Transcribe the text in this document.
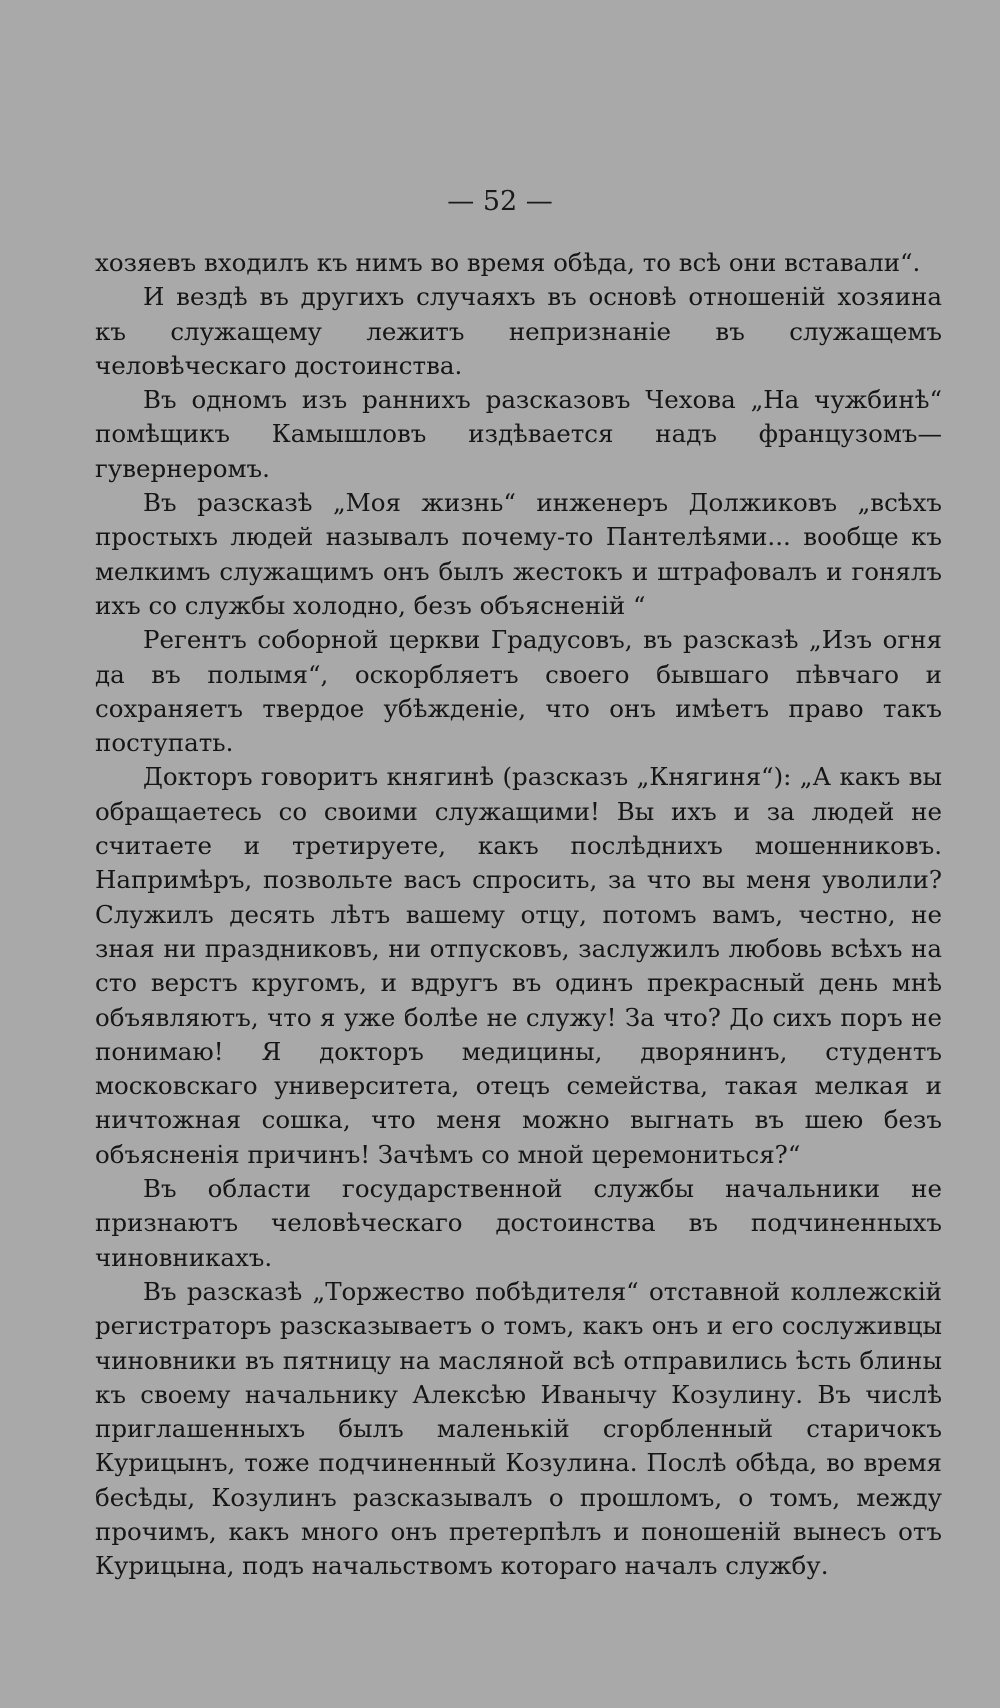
— 52 —

хозяевъ входилъ къ нимъ во время обѣда, то всѣ они вставали“.

И вездѣ въ другихъ случаяхъ въ основѣ отношенiй хозяина къ служащему лежитъ непризнанiе въ служащемъ человѣческаго достоинства.

Въ одномъ изъ раннихъ разсказовъ Чехова „На чужбинѣ“ помѣщикъ Камышловъ издѣвается надъ французомъ—гувернеромъ.

Въ разсказѣ „Моя жизнь“ инженеръ Должиковъ „всѣхъ простыхъ людей называлъ почему-то Пантелѣями... вообще къ мелкимъ служащимъ онъ былъ жестокъ и штрафовалъ и гонялъ ихъ со службы холодно, безъ объясненiй “

Регентъ соборной церкви Градусовъ, въ разсказѣ „Изъ огня да въ полымя“, оскорбляетъ своего бывшаго пѣвчаго и сохраняетъ твердое убѣжденiе, что онъ имѣетъ право такъ поступать.

Докторъ говоритъ княгинѣ (разсказъ „Княгиня“): „А какъ вы обращаетесь со своими служащими! Вы ихъ и за людей не считаете и третируете, какъ послѣднихъ мошенниковъ. Напримѣръ, позвольте васъ спросить, за что вы меня уволили? Служилъ десять лѣтъ вашему отцу, потомъ вамъ, честно, не зная ни праздниковъ, ни отпусковъ, заслужилъ любовь всѣхъ на сто верстъ кругомъ, и вдругъ въ одинъ прекрасный день мнѣ объявляютъ, что я уже болѣе не служу! За что? До сихъ поръ не понимаю! Я докторъ медицины, дворянинъ, студентъ московскаго университета, отецъ семейства, такая мелкая и ничтожная сошка, что меня можно выгнать въ шею безъ объясненiя причинъ! Зачѣмъ со мной церемониться?“

Въ области государственной службы начальники не признаютъ человѣческаго достоинства въ подчиненныхъ чиновникахъ.

Въ разсказѣ „Торжество побѣдителя“ отставной коллежскiй регистраторъ разсказываетъ о томъ, какъ онъ и его сослуживцы чиновники въ пятницу на масляной всѣ отправились ѣсть блины къ своему начальнику Алексѣю Иванычу Козулину. Въ числѣ приглашенныхъ былъ маленькiй сгорбленный старичокъ Курицынъ, тоже подчиненный Козулина. Послѣ обѣда, во время бесѣды, Козулинъ разсказывалъ о прошломъ, о томъ, между прочимъ, какъ много онъ претерпѣлъ и поношенiй вынесъ отъ Курицына, подъ начальствомъ котораго началъ службу.
